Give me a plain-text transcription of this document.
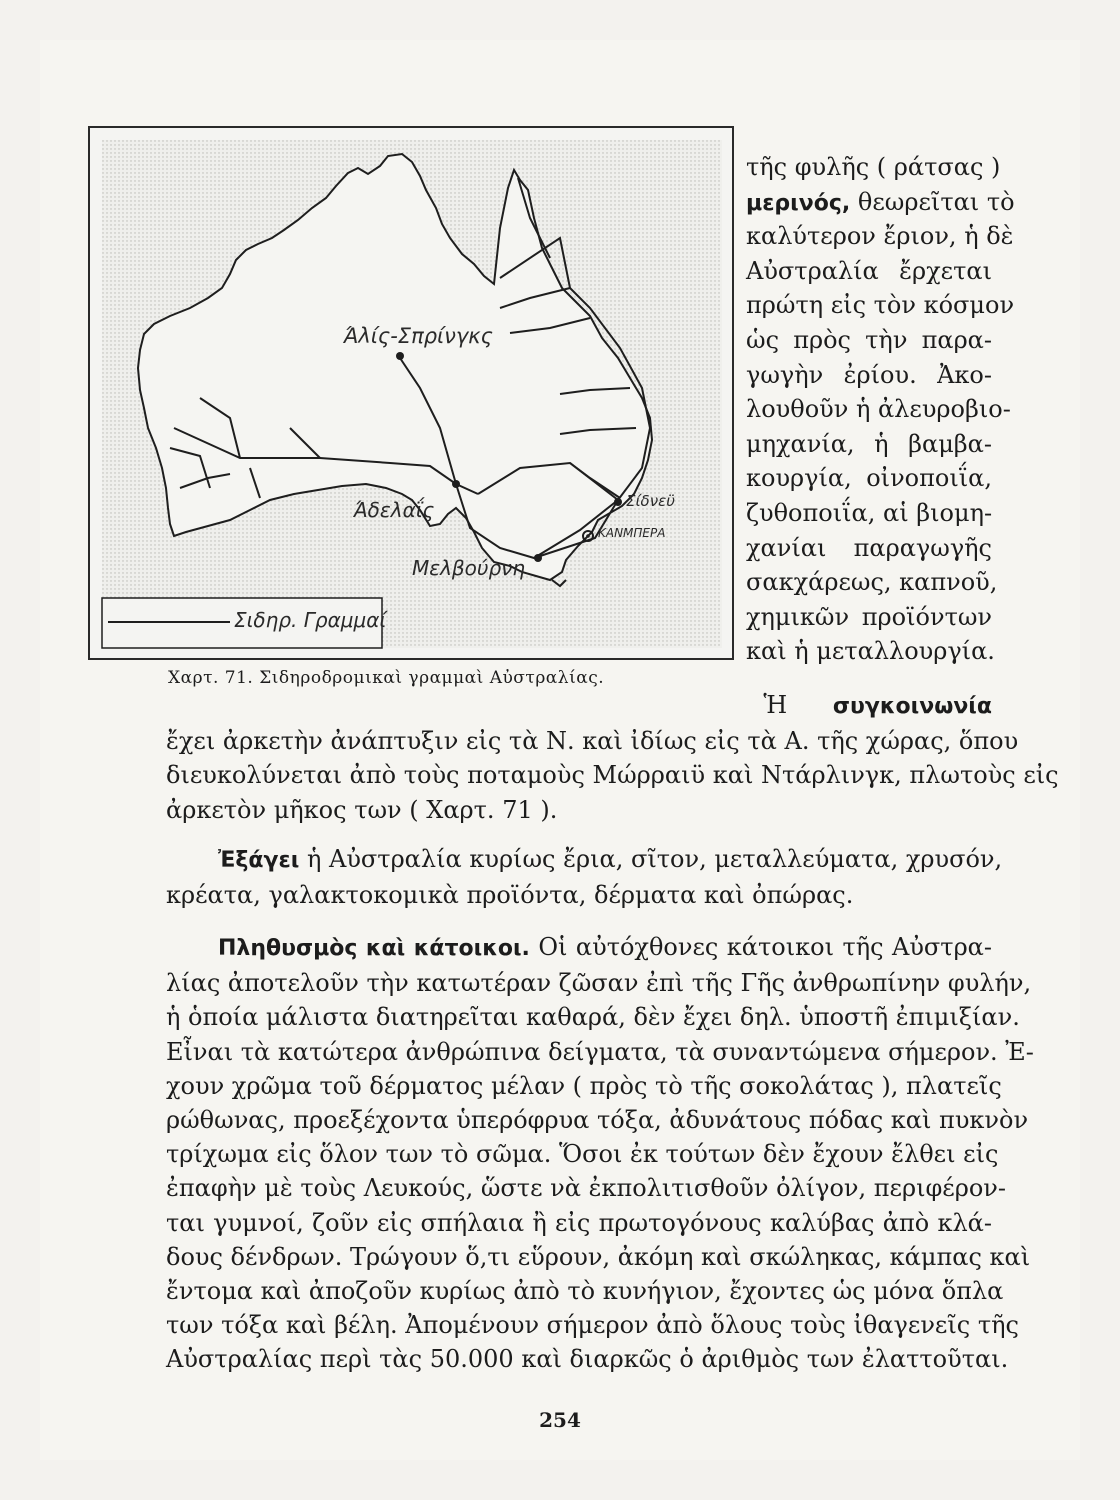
Άλίς-Σπρίνγκς
Άδελαΐς	Σίδνεϋ
ΚΑΝΜΠΕΡΑ
Μελβούρνη
Σιδηρ. Γραμμαί
Χαρτ. 71. Σιδηροδρομικαὶ γραμμαὶ Αὐστραλίας.
τῆς φυλῆς ( ράτσας )
μερινός, θεωρεῖται τὸ
καλύτερον ἔριον, ἡ δὲ
Αὐστραλία ἔρχεται
πρώτη εἰς τὸν κόσμον
ὡς πρὸς τὴν παρα-
γωγὴν ἐρίου. Ἀκο-
λουθοῦν ἡ ἀλευροβιο-
μηχανία, ἡ βαμβα-
κουργία, οἰνοποιΐα,
ζυθοποιΐα, αἱ βιομη-
χανίαι παραγωγῆς
σακχάρεως, καπνοῦ,
χημικῶν προϊόντων
καὶ ἡ μεταλλουργία.
Ἡ συγκοινωνία
ἔχει ἀρκετὴν ἀνάπτυξιν εἰς τὰ Ν. καὶ ἰδίως εἰς τὰ Α. τῆς χώρας, ὅπου
διευκολύνεται ἀπὸ τοὺς ποταμοὺς Μώρραιϋ καὶ Ντάρλινγκ, πλωτοὺς εἰς
ἀρκετὸν μῆκος των ( Χαρτ. 71 ).
Ἐξάγει ἡ Αὐστραλία κυρίως ἔρια, σῖτον, μεταλλεύματα, χρυσόν,
κρέατα, γαλακτοκομικὰ προϊόντα, δέρματα καὶ ὀπώρας.
Πληθυσμὸς καὶ κάτοικοι. Οἱ αὐτόχθονες κάτοικοι τῆς Αὐστρα-
λίας ἀποτελοῦν τὴν κατωτέραν ζῶσαν ἐπὶ τῆς Γῆς ἀνθρωπίνην φυλήν,
ἡ ὁποία μάλιστα διατηρεῖται καθαρά, δὲν ἔχει δηλ. ὑποστῆ ἐπιμιξίαν.
Εἶναι τὰ κατώτερα ἀνθρώπινα δείγματα, τὰ συναντώμενα σήμερον. Ἐ-
χουν χρῶμα τοῦ δέρματος μέλαν ( πρὸς τὸ τῆς σοκολάτας ), πλατεῖς
ρώθωνας, προεξέχοντα ὑπερόφρυα τόξα, ἀδυνάτους πόδας καὶ πυκνὸν
τρίχωμα εἰς ὅλον των τὸ σῶμα. Ὅσοι ἐκ τούτων δὲν ἔχουν ἔλθει εἰς
ἐπαφὴν μὲ τοὺς Λευκούς, ὥστε νὰ ἐκπολιτισθοῦν ὀλίγον, περιφέρον-
ται γυμνοί, ζοῦν εἰς σπήλαια ἢ εἰς πρωτογόνους καλύβας ἀπὸ κλά-
δους δένδρων. Τρώγουν ὅ,τι εὕρουν, ἀκόμη καὶ σκώληκας, κάμπας καὶ
ἔντομα καὶ ἀποζοῦν κυρίως ἀπὸ τὸ κυνήγιον, ἔχοντες ὡς μόνα ὅπλα
των τόξα καὶ βέλη. Ἀπομένουν σήμερον ἀπὸ ὅλους τοὺς ἰθαγενεῖς τῆς
Αὐστραλίας περὶ τὰς 50.000 καὶ διαρκῶς ὁ ἀριθμὸς των ἐλαττοῦται.
254
